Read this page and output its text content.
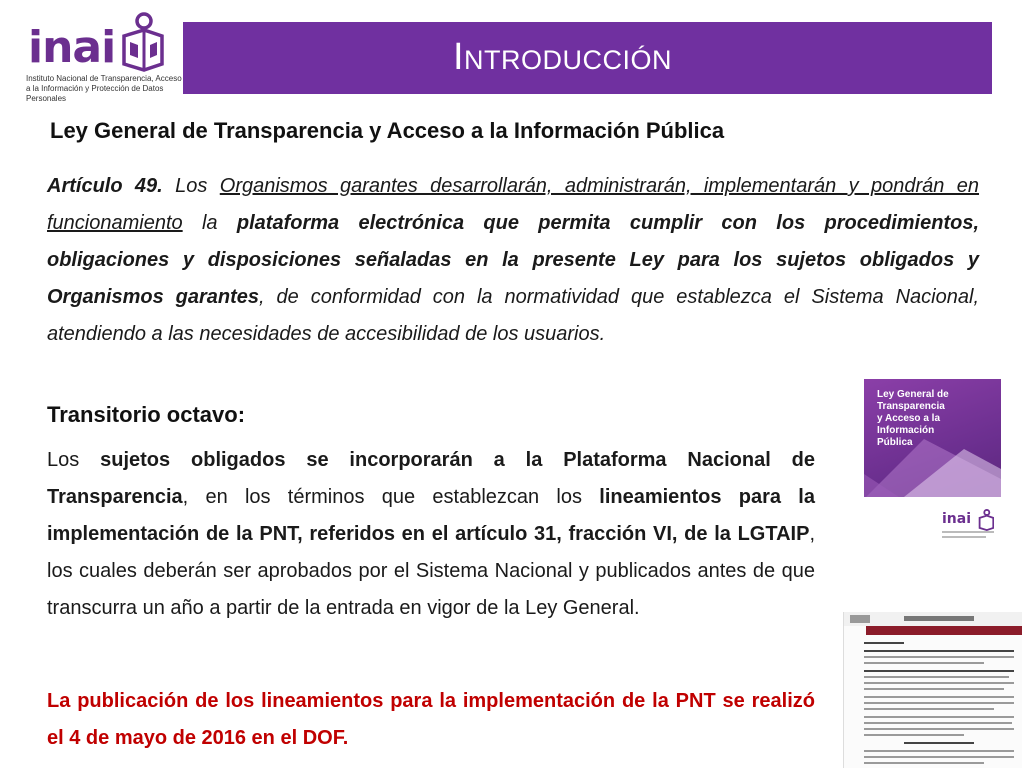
inai
Instituto Nacional de Transparencia, Acceso a la Información y Protección de Datos Personales
Introducción
Ley General de Transparencia y Acceso a la Información Pública
Artículo 49. Los Organismos garantes desarrollarán, administrarán, implementarán y pondrán en funcionamiento la plataforma electrónica que permita cumplir con los procedimientos, obligaciones y disposiciones señaladas en la presente Ley para los sujetos obligados y Organismos garantes, de conformidad con la normatividad que establezca el Sistema Nacional, atendiendo a las necesidades de accesibilidad de los usuarios.
Transitorio octavo:
Los sujetos obligados se incorporarán a la Plataforma Nacional de Transparencia, en los términos que establezcan los lineamientos para la implementación de la PNT, referidos en el artículo 31, fracción VI, de la LGTAIP, los cuales deberán ser aprobados por el Sistema Nacional y publicados antes de que transcurra un año a partir de la entrada en vigor de la Ley General.
La publicación de los lineamientos para la implementación de la PNT se realizó el 4 de mayo de 2016 en el DOF.
Ley General de
Transparencia
y Acceso a la
Información
Pública
inai
